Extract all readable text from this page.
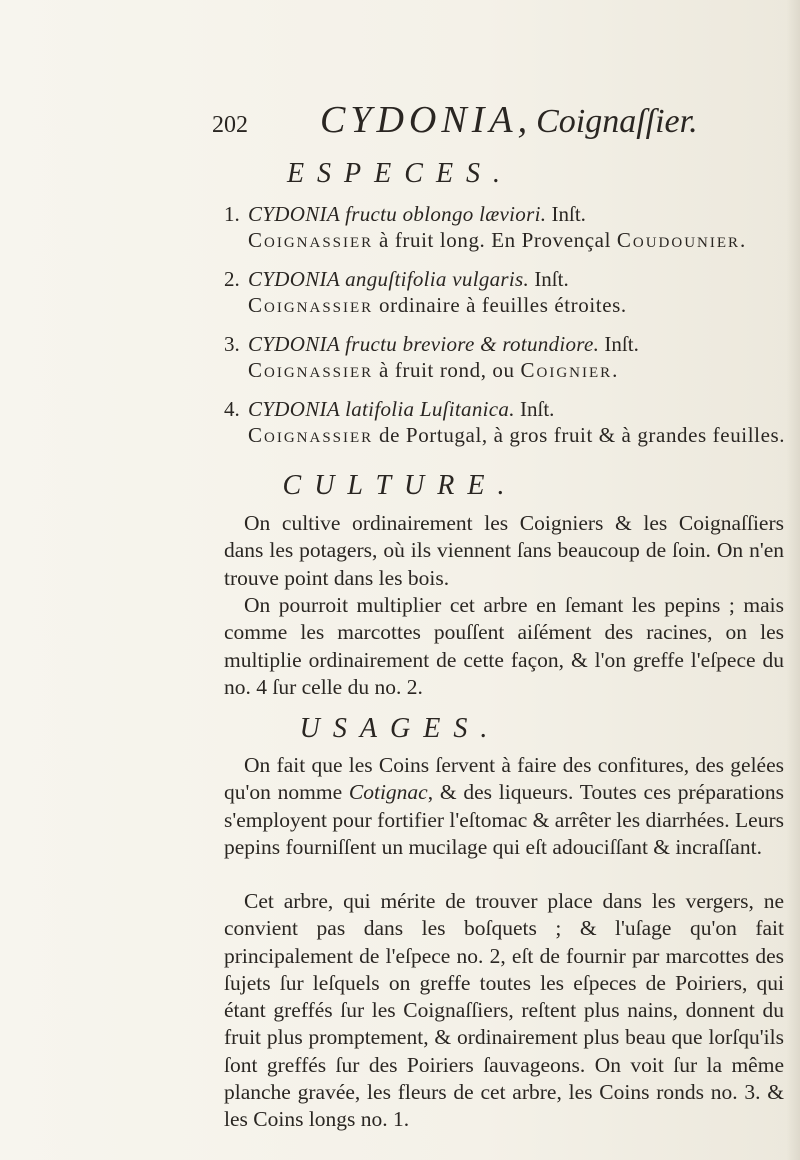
202 CYDONIA, Coignaſſier.
ESPECES.
1. CYDONIA fructu oblongo læviori. Inſt.
Coignassier à fruit long. En Provençal Coudounier.
2. CYDONIA anguſtifolia vulgaris. Inſt.
Coignassier ordinaire à feuilles étroites.
3. CYDONIA fructu breviore & rotundiore. Inſt.
Coignassier à fruit rond, ou Coignier.
4. CYDONIA latifolia Luſitanica. Inſt.
Coignassier de Portugal, à gros fruit & à grandes feuilles.
CULTURE.

On cultive ordinairement les Coigniers & les Coignaſſiers dans les potagers, où ils viennent ſans beaucoup de ſoin. On n'en trouve point dans les bois.

On pourroit multiplier cet arbre en ſemant les pepins ; mais comme les marcottes pouſſent aiſément des racines, on les multiplie ordinairement de cette façon, & l'on greffe l'eſpece du no. 4 ſur celle du no. 2.

USAGES.

On fait que les Coins ſervent à faire des confitures, des gelées qu'on nomme Cotignac, & des liqueurs. Toutes ces préparations s'employent pour fortifier l'eſtomac & arrêter les diarrhées. Leurs pepins fourniſſent un mucilage qui eſt adouciſſant & incraſſant.

Cet arbre, qui mérite de trouver place dans les vergers, ne convient pas dans les boſquets ; & l'uſage qu'on fait principalement de l'eſpece no. 2, eſt de fournir par marcottes des ſujets ſur leſquels on greffe toutes les eſpeces de Poiriers, qui étant greffés ſur les Coignaſſiers, reſtent plus nains, donnent du fruit plus promptement, & ordinairement plus beau que lorſqu'ils ſont greffés ſur des Poiriers ſauvageons. On voit ſur la même planche gravée, les fleurs de cet arbre, les Coins ronds no. 3. & les Coins longs no. 1.
